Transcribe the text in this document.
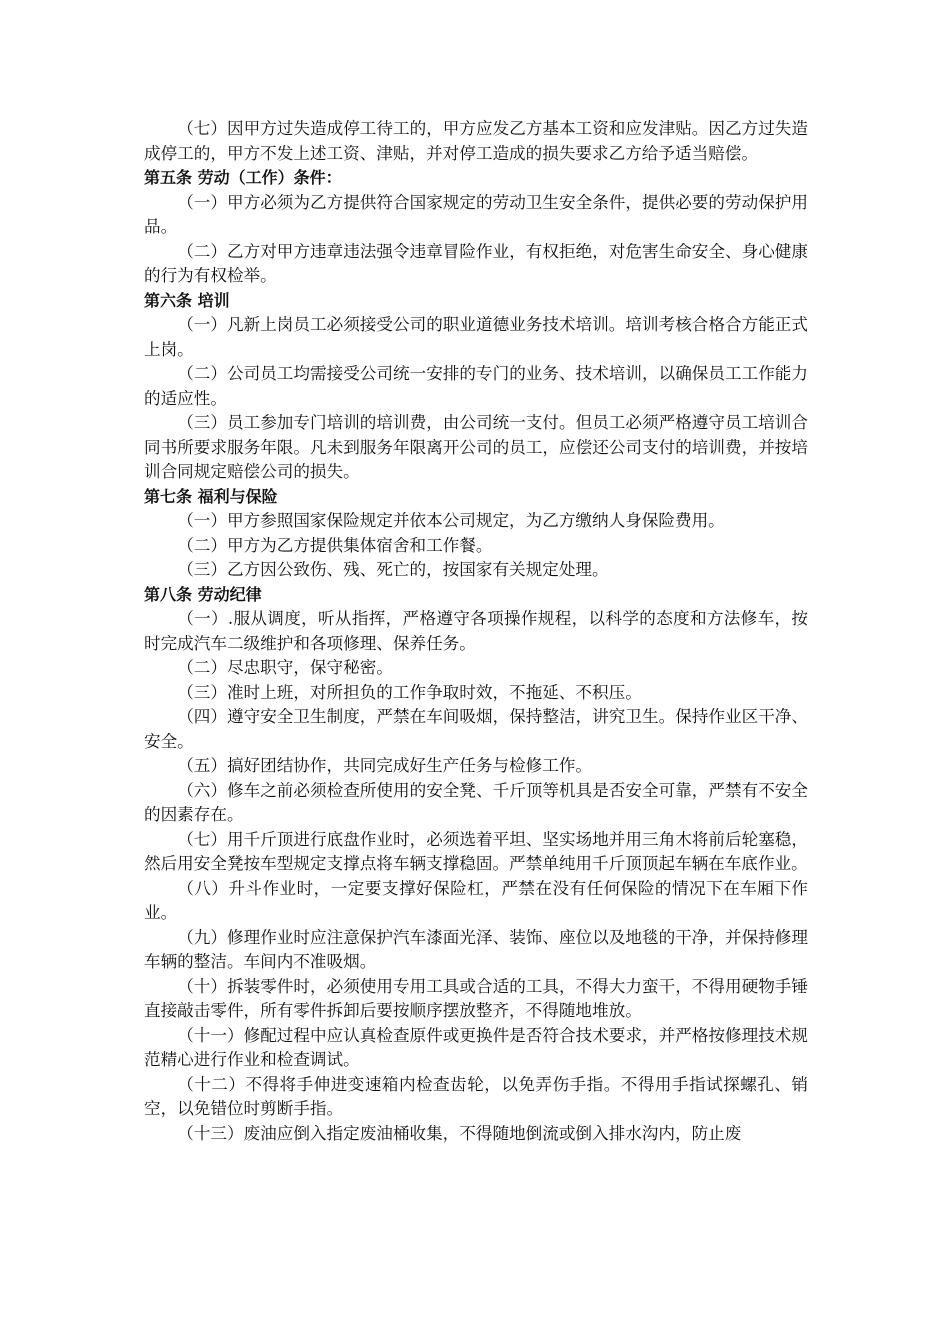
（七）因甲方过失造成停工待工的，甲方应发乙方基本工资和应发津贴。因乙方过失造成停工的，甲方不发上述工资、津贴，并对停工造成的损失要求乙方给予适当赔偿。

第五条 劳动（工作）条件：

（一）甲方必须为乙方提供符合国家规定的劳动卫生安全条件，提供必要的劳动保护用品。

（二）乙方对甲方违章违法强令违章冒险作业，有权拒绝，对危害生命安全、身心健康的行为有权检举。

第六条 培训

（一）凡新上岗员工必须接受公司的职业道德业务技术培训。培训考核合格合方能正式上岗。

（二）公司员工均需接受公司统一安排的专门的业务、技术培训，以确保员工工作能力的适应性。

（三）员工参加专门培训的培训费，由公司统一支付。但员工必须严格遵守员工培训合同书所要求服务年限。凡未到服务年限离开公司的员工，应偿还公司支付的培训费，并按培训合同规定赔偿公司的损失。

第七条 福利与保险

（一）甲方参照国家保险规定并依本公司规定，为乙方缴纳人身保险费用。

（二）甲方为乙方提供集体宿舍和工作餐。

（三）乙方因公致伤、残、死亡的，按国家有关规定处理。

第八条 劳动纪律

（一）.服从调度，听从指挥，严格遵守各项操作规程，以科学的态度和方法修车，按时完成汽车二级维护和各项修理、保养任务。

（二）尽忠职守，保守秘密。

（三）准时上班，对所担负的工作争取时效，不拖延、不积压。

（四）遵守安全卫生制度，严禁在车间吸烟，保持整洁，讲究卫生。保持作业区干净、安全。

（五）搞好团结协作，共同完成好生产任务与检修工作。

（六）修车之前必须检查所使用的安全凳、千斤顶等机具是否安全可靠，严禁有不安全的因素存在。

（七）用千斤顶进行底盘作业时，必须选着平坦、坚实场地并用三角木将前后轮塞稳，然后用安全凳按车型规定支撑点将车辆支撑稳固。严禁单纯用千斤顶顶起车辆在车底作业。

（八）升斗作业时，一定要支撑好保险杠，严禁在没有任何保险的情况下在车厢下作业。

（九）修理作业时应注意保护汽车漆面光泽、装饰、座位以及地毯的干净，并保持修理车辆的整洁。车间内不准吸烟。

（十）拆装零件时，必须使用专用工具或合适的工具，不得大力蛮干，不得用硬物手锤直接敲击零件，所有零件拆卸后要按顺序摆放整齐，不得随地堆放。

（十一）修配过程中应认真检查原件或更换件是否符合技术要求，并严格按修理技术规范精心进行作业和检查调试。

（十二）不得将手伸进变速箱内检查齿轮，以免弄伤手指。不得用手指试探螺孔、销空，以免错位时剪断手指。

（十三）废油应倒入指定废油桶收集，不得随地倒流或倒入排水沟内，防止废
